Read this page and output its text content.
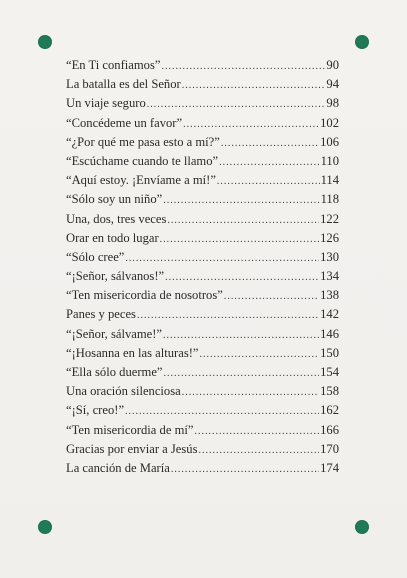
“En Ti confiamos” .....	90
La batalla es del Señor .....	94
Un viaje seguro .....	98
“Concédeme un favor” .....	102
“¿Por qué me pasa esto a mí?” .....	106
“Escúchame cuando te llamo” .....	110
“Aquí estoy. ¡Envíame a mí!” .....	114
“Sólo soy un niño” .....	118
Una, dos, tres veces .....	122
Orar en todo lugar .....	126
“Sólo cree” .....	130
“¡Señor, sálvanos!” .....	134
“Ten misericordia de nosotros” .....	138
Panes y peces .....	142
“¡Señor, sálvame!” .....	146
“¡Hosanna en las alturas!” .....	150
“Ella sólo duerme” .....	154
Una oración silenciosa .....	158
“¡Sí, creo!” .....	162
“Ten misericordia de mí” .....	166
Gracias por enviar a Jesús .....	170
La canción de María .....	174
